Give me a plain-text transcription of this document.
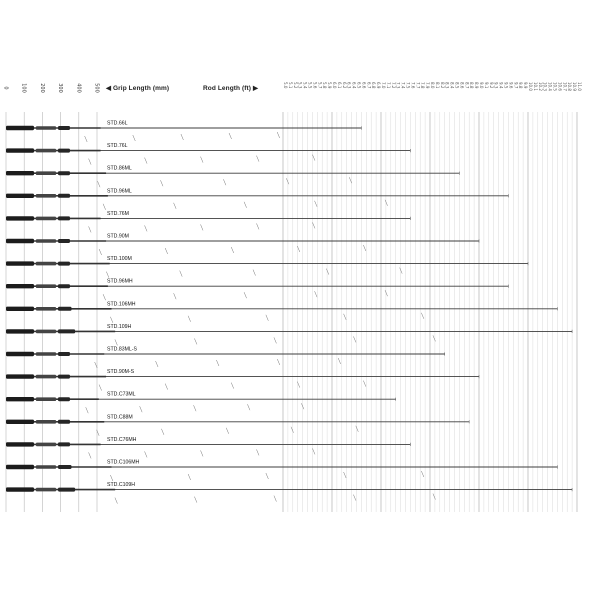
0 100 200 300 400 500	5.0 5.1 5.2 5.3 5.4 5.5 5.6 5.7 5.8 5.9 6.0 6.1 6.2 6.3 6.4 6.5 6.6 6.7 6.8 6.9 7.0 7.1 7.2 7.3 7.4 7.5 7.6 7.7 7.8 7.9 8.0 8.1 8.2 8.3 8.4 8.5 8.6 8.7 8.8 8.9 9.0 9.1 9.2 9.3 9.4 9.5 9.6 9.7 9.8 9.9 10.0 10.1 10.2 10.3 10.4 10.5 10.6 10.7 10.8 10.9 11.0
STD.66L
STD.76L
STD.86ML
STD.96ML
STD.76M
STD.90M
STD.100M
STD.96MH
STD.106MH
STD.109H
STD.83ML-S
STD.90M-S
STD.C73ML
STD.C88M
STD.C76MH
STD.C106MH
STD.C109H
◀ Grip Length (mm)	Rod Length (ft) ▶
